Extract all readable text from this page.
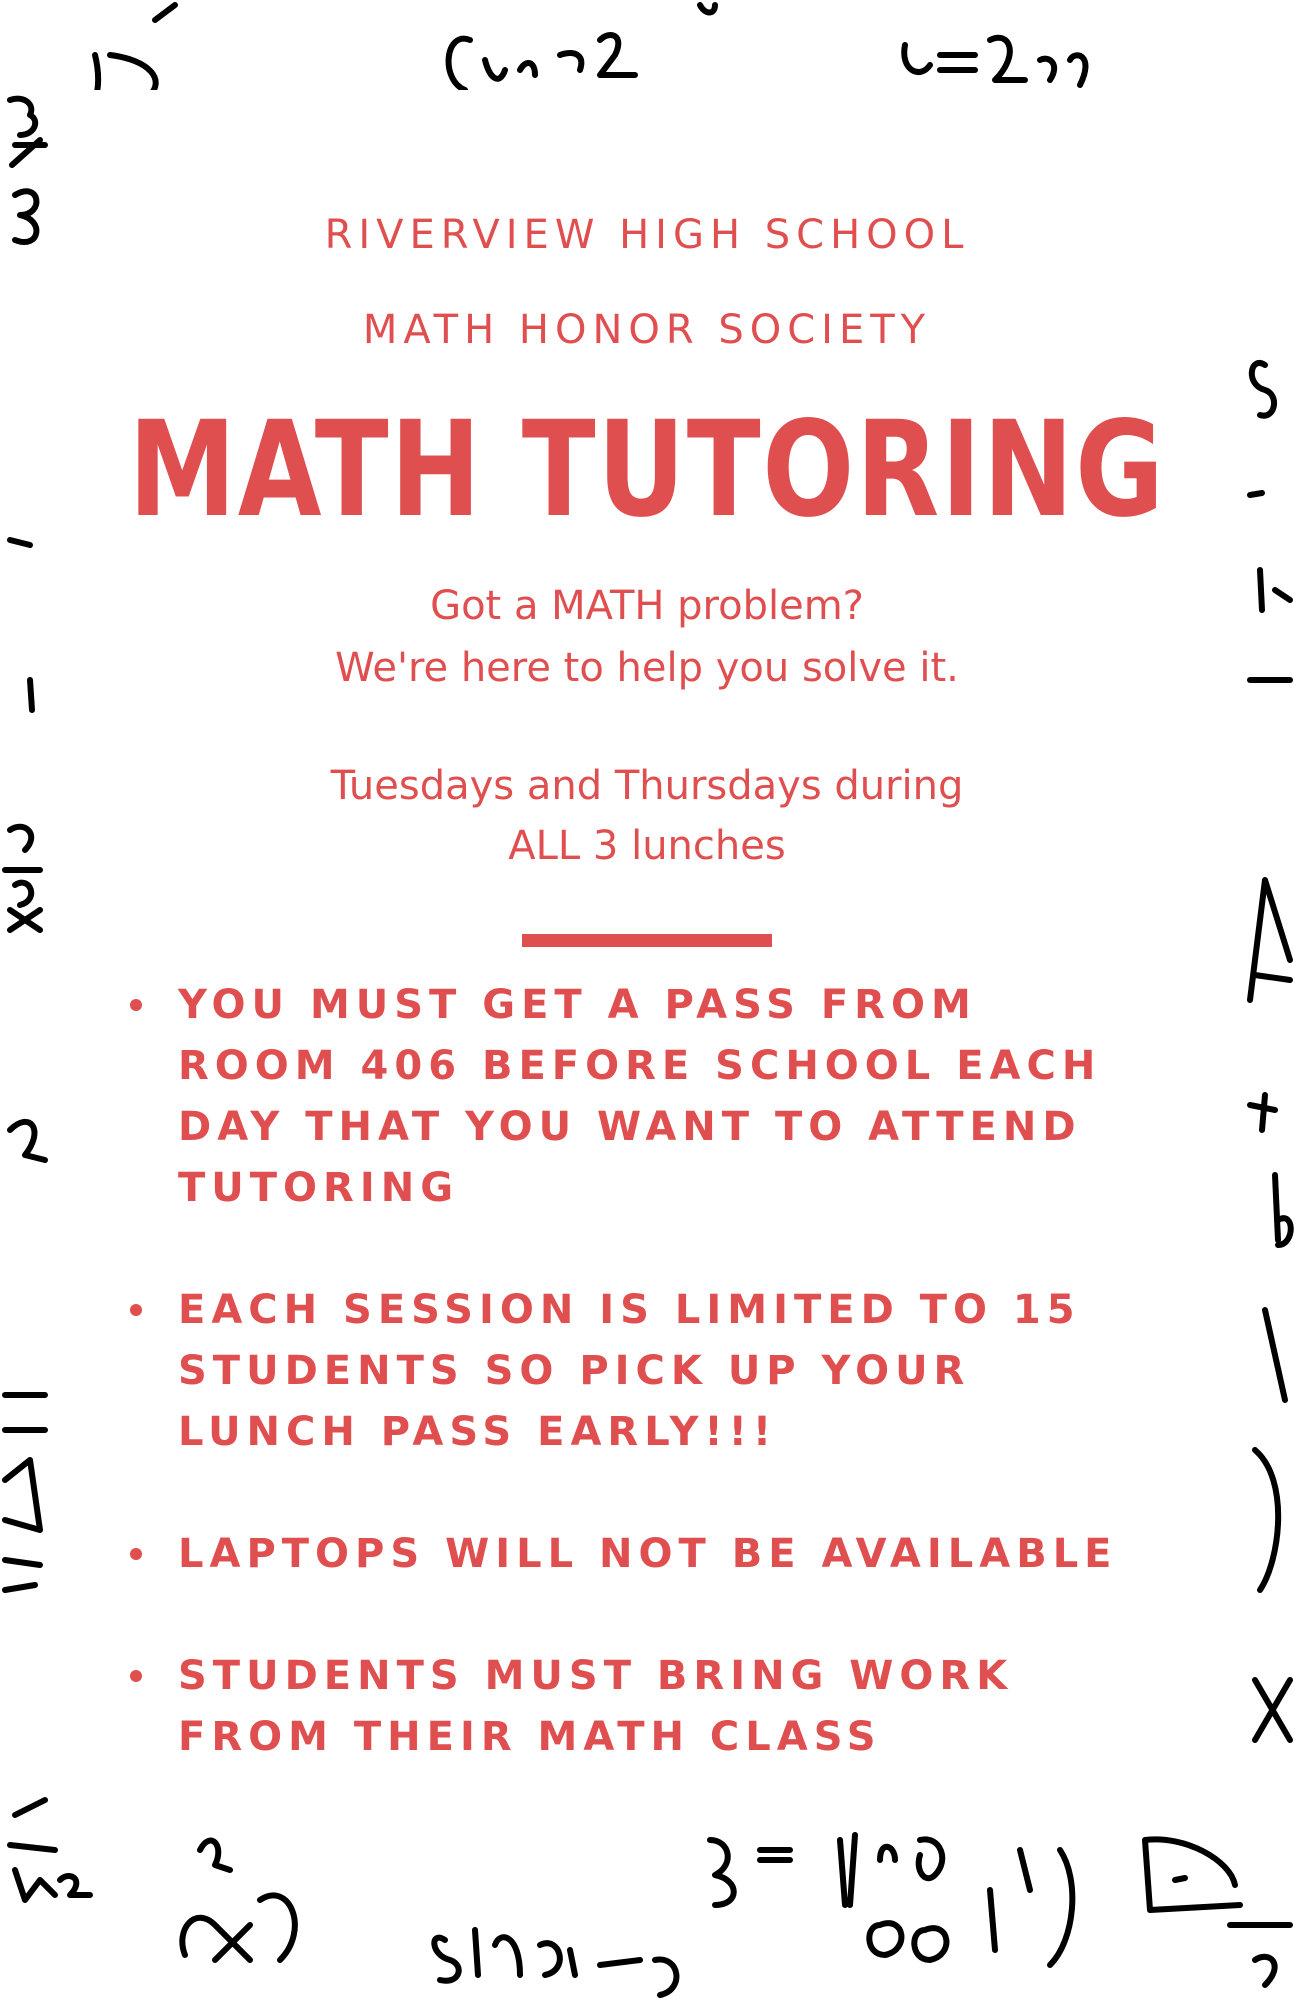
RIVERVIEW HIGH SCHOOL
MATH HONOR SOCIETY
MATH TUTORING
Got a MATH problem?
We're here to help you solve it.
Tuesdays and Thursdays during
ALL 3 lunches
YOU MUST GET A PASS FROM
ROOM 406 BEFORE SCHOOL EACH
DAY THAT YOU WANT TO ATTEND
TUTORING
EACH SESSION IS LIMITED TO 15
STUDENTS SO PICK UP YOUR
LUNCH PASS EARLY!!!
LAPTOPS WILL NOT BE AVAILABLE
STUDENTS MUST BRING WORK
FROM THEIR MATH CLASS
